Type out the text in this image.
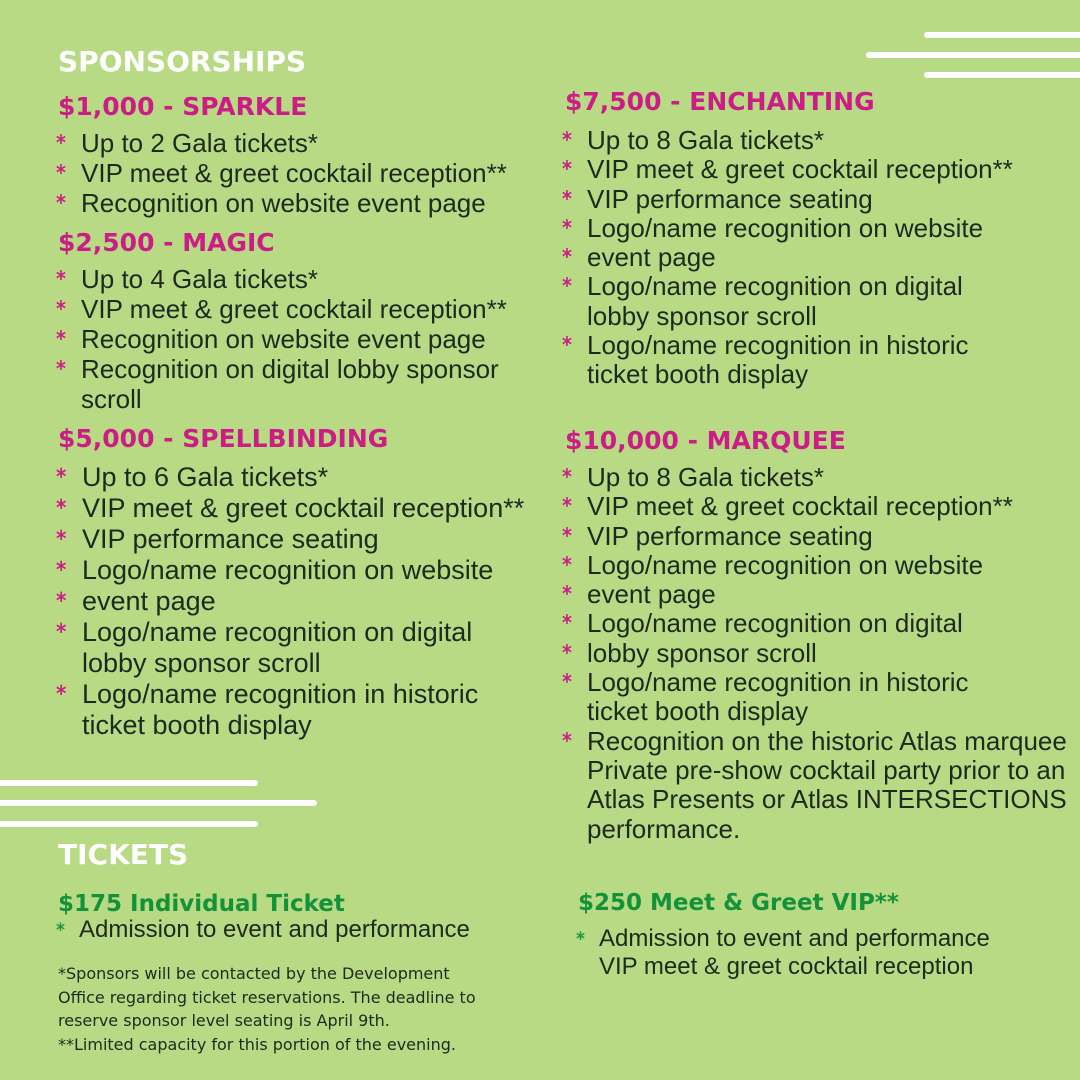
SPONSORSHIPS
TICKETS
$1,000 - SPARKLE
$2,500 - MAGIC
$5,000 - SPELLBINDING
$7,500 - ENCHANTING
$10,000 - MARQUEE
* Up to 2 Gala tickets*
* VIP meet & greet cocktail reception**
* Recognition on website event page
* Up to 4 Gala tickets*
* VIP meet & greet cocktail reception**
* Recognition on website event page
* Recognition on digital lobby sponsor
scroll
* Up to 6 Gala tickets*
* VIP meet & greet cocktail reception**
* VIP performance seating
* Logo/name recognition on website
* event page
* Logo/name recognition on digital
lobby sponsor scroll
* Logo/name recognition in historic
ticket booth display
* Up to 8 Gala tickets*
* VIP meet & greet cocktail reception**
* VIP performance seating
* Logo/name recognition on website
* event page
* Logo/name recognition on digital
lobby sponsor scroll
* Logo/name recognition in historic
ticket booth display
* Up to 8 Gala tickets*
* VIP meet & greet cocktail reception**
* VIP performance seating
* Logo/name recognition on website
* event page
* Logo/name recognition on digital
* lobby sponsor scroll
* Logo/name recognition in historic
ticket booth display
* Recognition on the historic Atlas marquee
Private pre-show cocktail party prior to an
Atlas Presents or Atlas INTERSECTIONS
performance.
$175 Individual Ticket
* Admission to event and performance
$250 Meet & Greet VIP**
* Admission to event and performance
VIP meet & greet cocktail reception
*Sponsors will be contacted by the Development
Office regarding ticket reservations. The deadline to
reserve sponsor level seating is April 9th.
**Limited capacity for this portion of the evening.
